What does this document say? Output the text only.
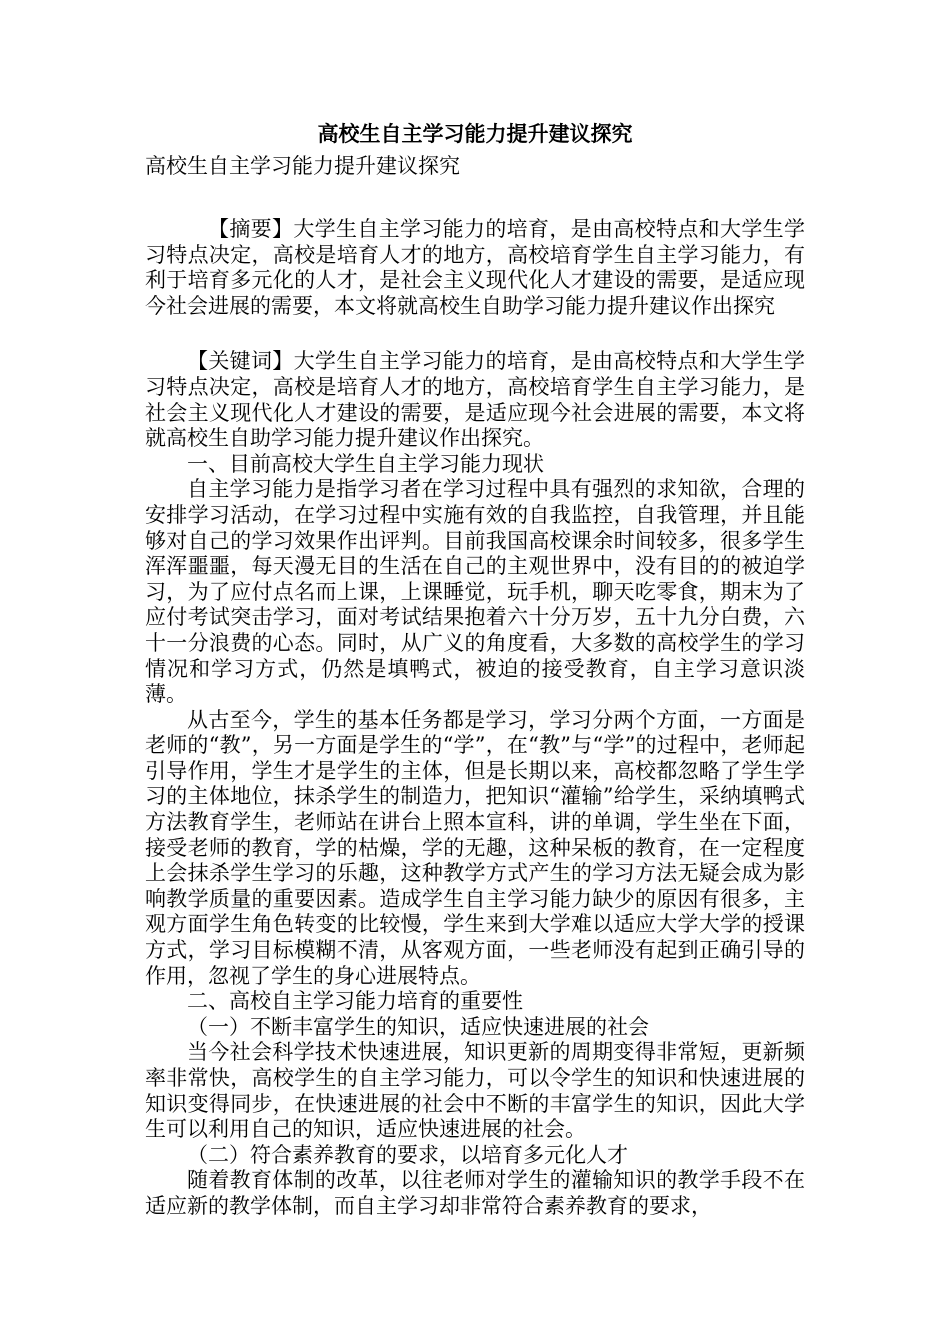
高校生自主学习能力提升建议探究
高校生自主学习能力提升建议探究

【摘要】大学生自主学习能力的培育，是由高校特点和大学生学习特点决定，高校是培育人才的地方，高校培育学生自主学习能力，有利于培育多元化的人才，是社会主义现代化人才建设的需要，是适应现今社会进展的需要，本文将就高校生自助学习能力提升建议作出探究

【关键词】大学生自主学习能力的培育，是由高校特点和大学生学习特点决定，高校是培育人才的地方，高校培育学生自主学习能力，是社会主义现代化人才建设的需要，是适应现今社会进展的需要，本文将就高校生自助学习能力提升建议作出探究。

一、目前高校大学生自主学习能力现状

自主学习能力是指学习者在学习过程中具有强烈的求知欲，合理的安排学习活动，在学习过程中实施有效的自我监控，自我管理，并且能够对自己的学习效果作出评判。目前我国高校课余时间较多，很多学生浑浑噩噩，每天漫无目的生活在自己的主观世界中，没有目的的被迫学习，为了应付点名而上课，上课睡觉，玩手机，聊天吃零食，期末为了应付考试突击学习，面对考试结果抱着六十分万岁，五十九分白费，六十一分浪费的心态。同时，从广义的角度看，大多数的高校学生的学习情况和学习方式，仍然是填鸭式，被迫的接受教育，自主学习意识淡薄。

从古至今，学生的基本任务都是学习，学习分两个方面，一方面是老师的“教”，另一方面是学生的“学”，在“教”与“学”的过程中，老师起引导作用，学生才是学生的主体，但是长期以来，高校都忽略了学生学习的主体地位，抹杀学生的制造力，把知识“灌输”给学生，采纳填鸭式方法教育学生，老师站在讲台上照本宣科，讲的单调，学生坐在下面，接受老师的教育，学的枯燥，学的无趣，这种呆板的教育，在一定程度上会抹杀学生学习的乐趣，这种教学方式产生的学习方法无疑会成为影响教学质量的重要因素。造成学生自主学习能力缺少的原因有很多，主观方面学生角色转变的比较慢，学生来到大学难以适应大学大学的授课方式，学习目标模糊不清，从客观方面，一些老师没有起到正确引导的作用，忽视了学生的身心进展特点。

二、高校自主学习能力培育的重要性

（一）不断丰富学生的知识，适应快速进展的社会

当今社会科学技术快速进展，知识更新的周期变得非常短，更新频率非常快，高校学生的自主学习能力，可以令学生的知识和快速进展的知识变得同步，在快速进展的社会中不断的丰富学生的知识，因此大学生可以利用自己的知识，适应快速进展的社会。

（二）符合素养教育的要求，以培育多元化人才

随着教育体制的改革，以往老师对学生的灌输知识的教学手段不在适应新的教学体制，而自主学习却非常符合素养教育的要求，
